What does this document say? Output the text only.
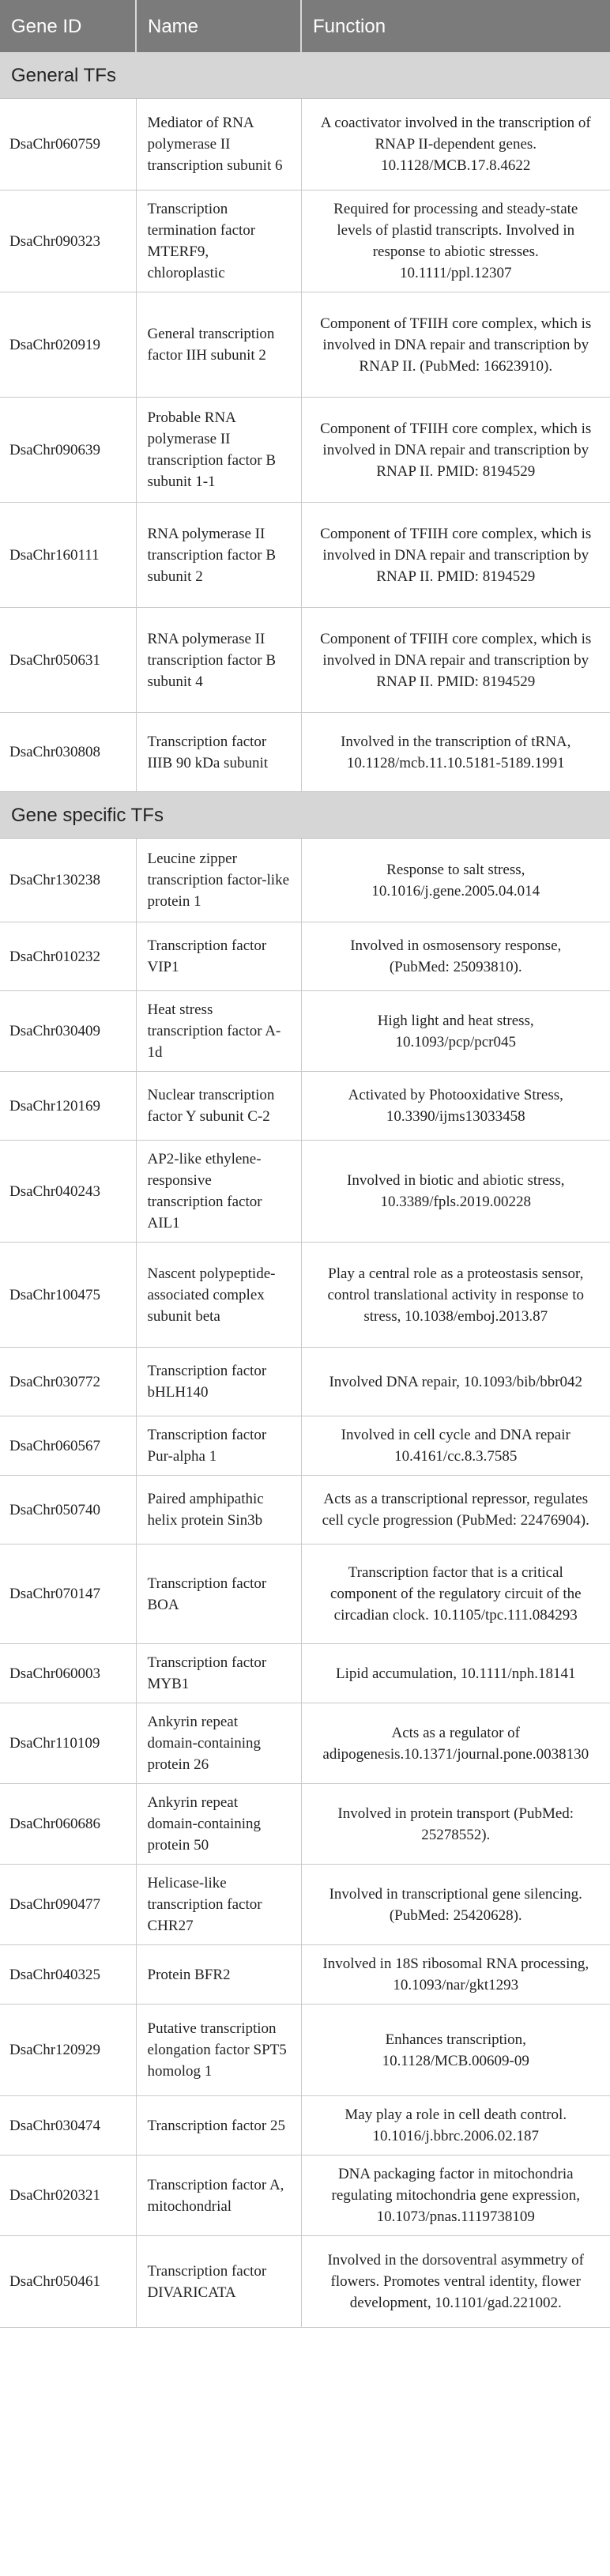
Gene ID	Name	Function
General TFs		
DsaChr060759	Mediator of RNA polymerase II transcription subunit 6	A coactivator involved in the transcription of RNAP II-dependent genes. 10.1128/MCB.17.8.4622
DsaChr090323	Transcription termination factor MTERF9, chloroplastic	Required for processing and steady-state levels of plastid transcripts. Involved in response to abiotic stresses. 10.1111/ppl.12307
DsaChr020919	General transcription factor IIH subunit 2	Component of TFIIH core complex, which is involved in DNA repair and transcription by RNAP II. (PubMed: 16623910).
DsaChr090639	Probable RNA polymerase II transcription factor B subunit 1-1	Component of TFIIH core complex, which is involved in DNA repair and transcription by RNAP II. PMID: 8194529
DsaChr160111	RNA polymerase II transcription factor B subunit 2	Component of TFIIH core complex, which is involved in DNA repair and transcription by RNAP II. PMID: 8194529
DsaChr050631	RNA polymerase II transcription factor B subunit 4	Component of TFIIH core complex, which is involved in DNA repair and transcription by RNAP II. PMID: 8194529
DsaChr030808	Transcription factor IIIB 90 kDa subunit	Involved in the transcription of tRNA, 10.1128/mcb.11.10.5181-5189.1991
Gene specific TFs		
DsaChr130238	Leucine zipper transcription factor-like protein 1	Response to salt stress, 10.1016/j.gene.2005.04.014
DsaChr010232	Transcription factor VIP1	Involved in osmosensory response, (PubMed: 25093810).
DsaChr030409	Heat stress transcription factor A-1d	High light and heat stress, 10.1093/pcp/pcr045
DsaChr120169	Nuclear transcription factor Y subunit C-2	Activated by Photooxidative Stress, 10.3390/ijms13033458
DsaChr040243	AP2-like ethylene-responsive transcription factor AIL1	Involved in biotic and abiotic stress, 10.3389/fpls.2019.00228
DsaChr100475	Nascent polypeptide-associated complex subunit beta	Play a central role as a proteostasis sensor, control translational activity in response to stress, 10.1038/emboj.2013.87
DsaChr030772	Transcription factor bHLH140	Involved DNA repair, 10.1093/bib/bbr042
DsaChr060567	Transcription factor Pur-alpha 1	Involved in cell cycle and DNA repair 10.4161/cc.8.3.7585
DsaChr050740	Paired amphipathic helix protein Sin3b	Acts as a transcriptional repressor, regulates cell cycle progression (PubMed: 22476904).
DsaChr070147	Transcription factor BOA	Transcription factor that is a critical component of the regulatory circuit of the circadian clock. 10.1105/tpc.111.084293
DsaChr060003	Transcription factor MYB1	Lipid accumulation, 10.1111/nph.18141
DsaChr110109	Ankyrin repeat domain-containing protein 26	Acts as a regulator of adipogenesis.10.1371/journal.pone.0038130
DsaChr060686	Ankyrin repeat domain-containing protein 50	Involved in protein transport (PubMed: 25278552).
DsaChr090477	Helicase-like transcription factor CHR27	Involved in transcriptional gene silencing. (PubMed: 25420628).
DsaChr040325	Protein BFR2	Involved in 18S ribosomal RNA processing, 10.1093/nar/gkt1293
DsaChr120929	Putative transcription elongation factor SPT5 homolog 1	Enhances transcription, 10.1128/MCB.00609-09
DsaChr030474	Transcription factor 25	May play a role in cell death control. 10.1016/j.bbrc.2006.02.187
DsaChr020321	Transcription factor A, mitochondrial	DNA packaging factor in mitochondria regulating mitochondria gene expression, 10.1073/pnas.1119738109
DsaChr050461	Transcription factor DIVARICATA	Involved in the dorsoventral asymmetry of flowers. Promotes ventral identity, flower development, 10.1101/gad.221002.
